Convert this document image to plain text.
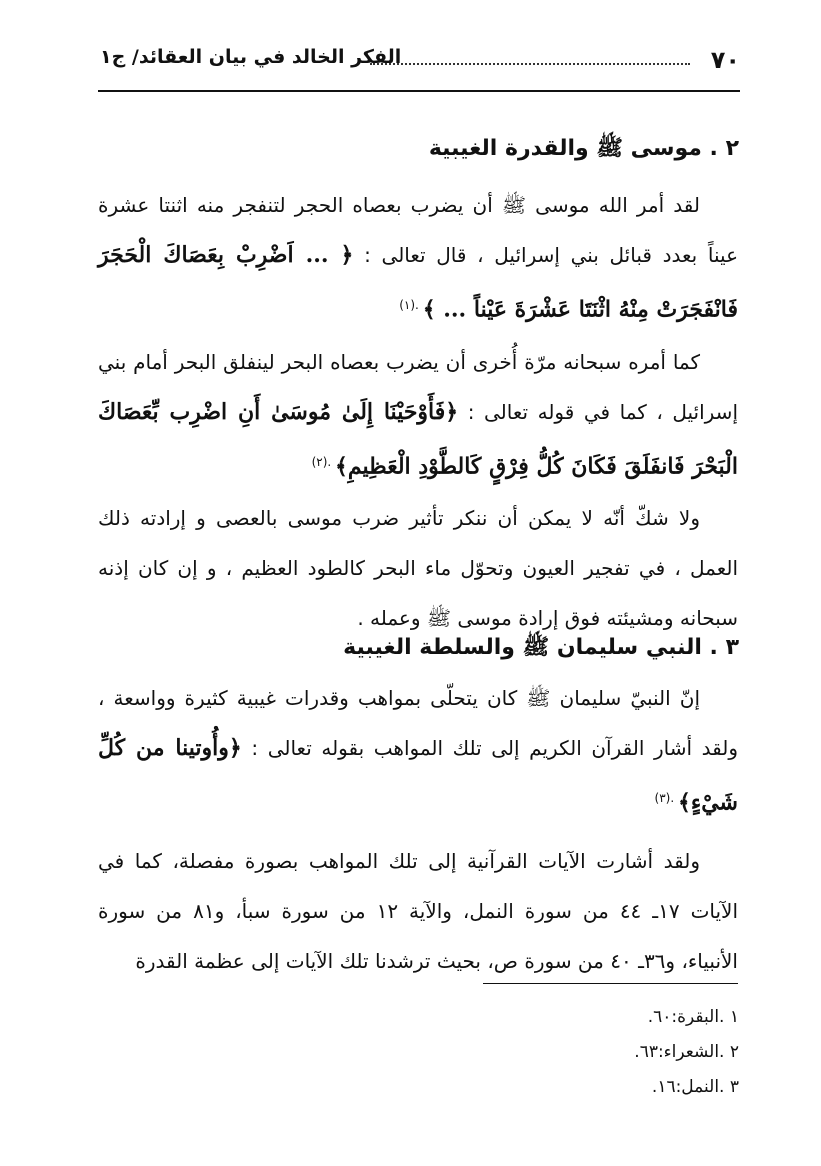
٧٠
الفكر الخالد في بيان العقائد/ ج١
٢ . موسى ﷺ والقدرة الغيبية

لقد أمر الله موسى ﷺ أن يضرب بعصاه الحجر لتنفجر منه اثنتا عشرة عيناً بعدد قبائل بني إسرائيل ، قال تعالى : ﴿ ... اَضْرِبْ بِعَصَاكَ الْحَجَرَ فَانْفَجَرَتْ مِنْهُ اثْنَتَا عَشْرَةَ عَيْناً ... ﴾ $^{.(١)}$

كما أمره سبحانه مرّة أُخرى أن يضرب بعصاه البحر لينفلق البحر أمام بني إسرائيل ، كما في قوله تعالى : ﴿فَأَوْحَيْنَا إِلَىٰ مُوسَىٰ أَنِ اضْرِب بِّعَصَاكَ الْبَحْرَ فَانفَلَقَ فَكَانَ كُلُّ فِرْقٍ كَالطَّوْدِ الْعَظِيمِ﴾ $^{.(٢)}$

ولا شكّ أنّه لا يمكن أن ننكر تأثير ضرب موسى بالعصى و إرادته ذلك العمل ، في تفجير العيون وتحوّل ماء البحر كالطود العظيم ، و إن كان إذنه سبحانه ومشيئته فوق إرادة موسى ﷺ وعمله .

٣ . النبي سليمان ﷺ والسلطة الغيبية

إنّ النبيّ سليمان ﷺ كان يتحلّى بمواهب وقدرات غيبية كثيرة وواسعة ، ولقد أشار القرآن الكريم إلى تلك المواهب بقوله تعالى : ﴿وأُوتينا من كُلِّ شَيْءٍ﴾ $^{.(٣)}$

ولقد أشارت الآيات القرآنية إلى تلك المواهب بصورة مفصلة، كما في الآيات ١٧ـ ٤٤ من سورة النمل، والآية ١٢ من سورة سبأ، و٨١ من سورة الأنبياء، و٣٦ـ ٤٠ من سورة ص، بحيث ترشدنا تلك الآيات إلى عظمة القدرة

١ .البقرة:٦٠.
٢ .الشعراء:٦٣.
٣ .النمل:١٦.
